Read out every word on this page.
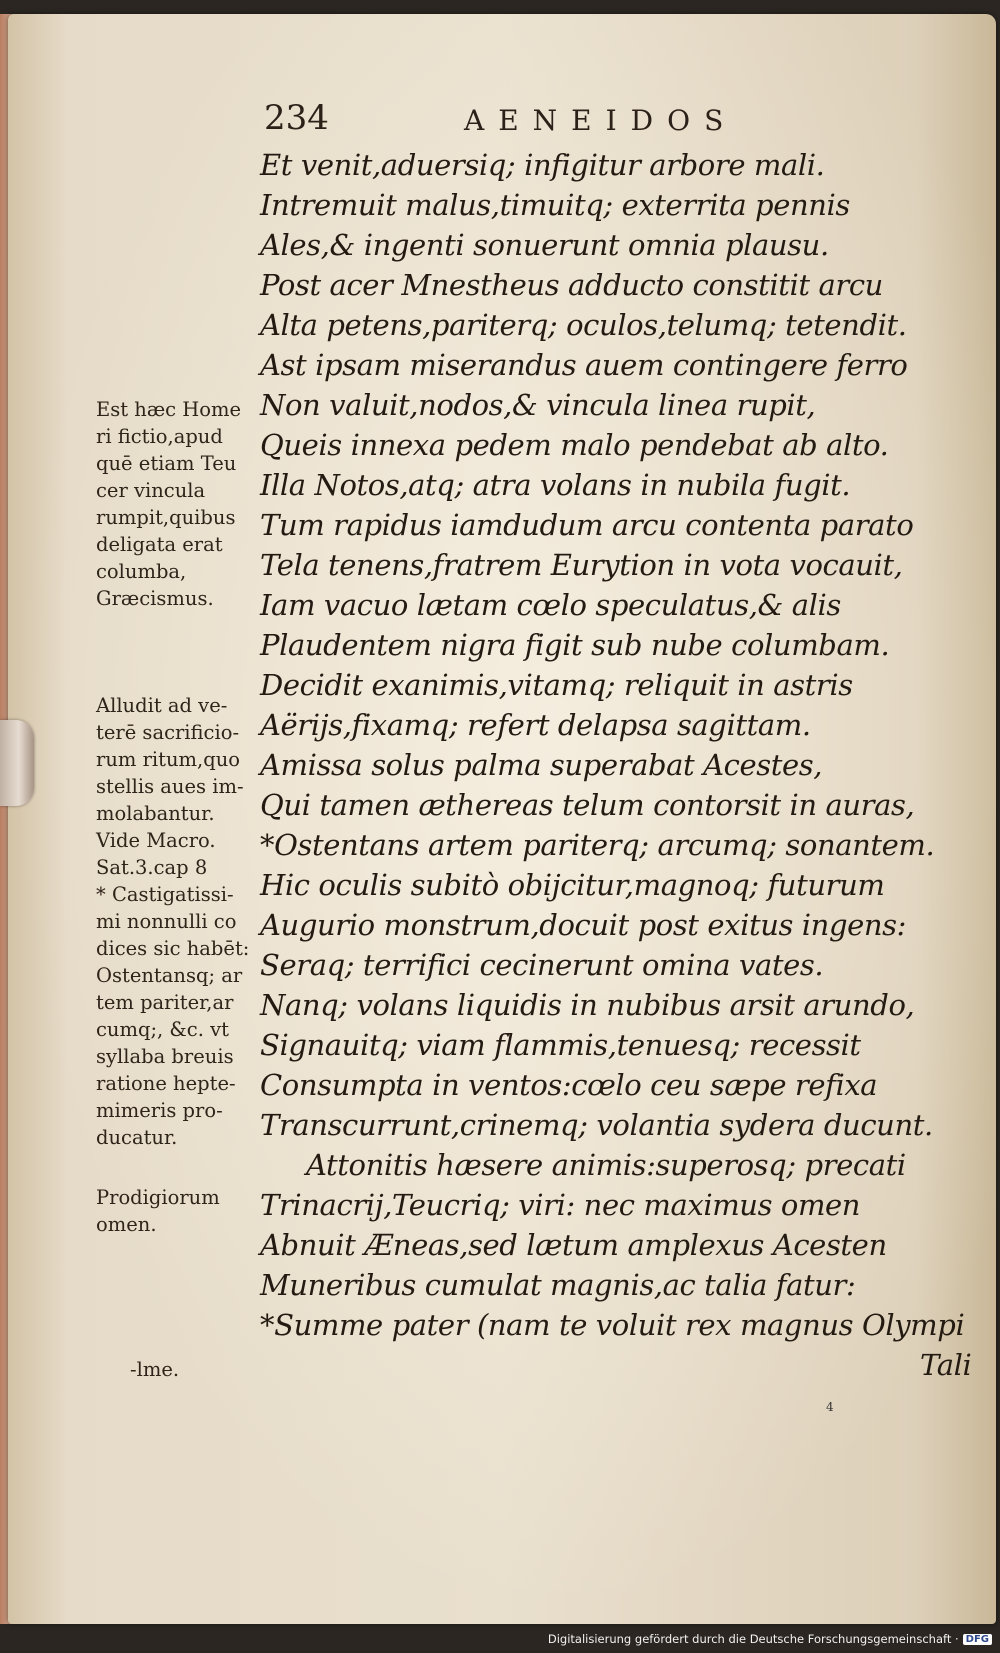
234	AENEIDOS
Et venit,aduersiq; infigitur arbore mali.
Intremuit malus,timuitq; exterrita pennis
Ales,& ingenti sonuerunt omnia plausu.
Post acer Mnestheus adducto constitit arcu
Alta petens,pariterq; oculos,telumq; tetendit.
Ast ipsam miserandus auem contingere ferro
Non valuit,nodos,& vincula linea rupit,
Queis innexa pedem malo pendebat ab alto.
Illa Notos,atq; atra volans in nubila fugit.
Tum rapidus iamdudum arcu contenta parato
Tela tenens,fratrem Eurytion in vota vocauit,
Iam vacuo lætam cœlo speculatus,& alis
Plaudentem nigra figit sub nube columbam.
Decidit exanimis,vitamq; reliquit in astris
Aërijs,fixamq; refert delapsa sagittam.
Amissa solus palma superabat Acestes,
Qui tamen æthereas telum contorsit in auras,
*Ostentans artem pariterq; arcumq; sonantem.
Hic oculis subitò obijcitur,magnoq; futurum
Augurio monstrum,docuit post exitus ingens:
Seraq; terrifici cecinerunt omina vates.
Nanq; volans liquidis in nubibus arsit arundo,
Signauitq; viam flammis,tenuesq; recessit
Consumpta in ventos:cœlo ceu sæpe refixa
Transcurrunt,crinemq; volantia sydera ducunt.
Attonitis hæsere animis:superosq; precati
Trinacrij,Teucriq; viri: nec maximus omen
Abnuit Æneas,sed lætum amplexus Acesten
Muneribus cumulat magnis,ac talia fatur:
*Summe pater (nam te voluit rex magnus Olympi
Tali
Est hæc Home
ri fictio,apud
quē etiam Teu
cer vincula
rumpit,quibus
deligata erat
columba,
Græcismus.
Alludit ad ve-
terē sacrificio-
rum ritum,quo
stellis aues im-
molabantur.
Vide Macro.
Sat.3.cap 8
* Castigatissi-
mi nonnulli co
dices sic habēt:
Ostentansq; ar
tem pariter,ar
cumq;, &c. vt
syllaba breuis
ratione hepte-
mimeris pro-
ducatur.
Prodigiorum
omen.
-lme.
4
Digitalisierung gefördert durch die Deutsche Forschungsgemeinschaft · DFG
